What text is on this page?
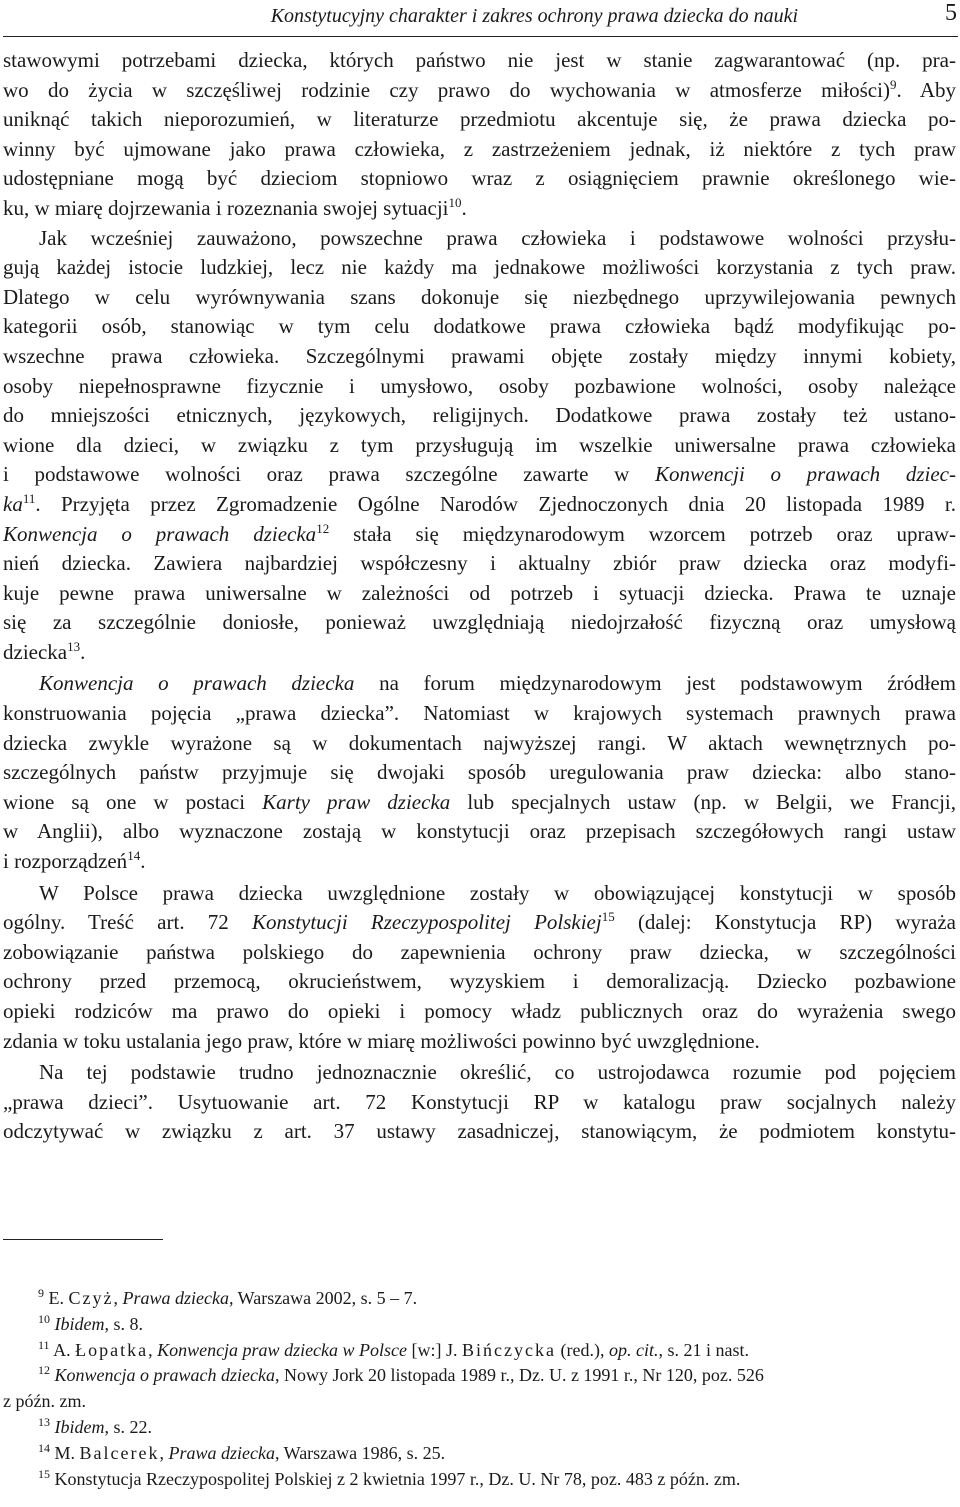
Konstytucyjny charakter i zakres ochrony prawa dziecka do nauki	5
stawowymi potrzebami dziecka, których państwo nie jest w stanie zagwarantować (np. pra-
wo do życia w szczęśliwej rodzinie czy prawo do wychowania w atmosferze miłości)$^9$. Aby
uniknąć takich nieporozumień, w literaturze przedmiotu akcentuje się, że prawa dziecka po-
winny być ujmowane jako prawa człowieka, z zastrzeżeniem jednak, iż niektóre z tych praw
udostępniane mogą być dzieciom stopniowo wraz z osiągnięciem prawnie określonego wie-
ku, w miarę dojrzewania i rozeznania swojej sytuacji$^{10}$.
Jak wcześniej zauważono, powszechne prawa człowieka i podstawowe wolności przysłu-
gują każdej istocie ludzkiej, lecz nie każdy ma jednakowe możliwości korzystania z tych praw.
Dlatego w celu wyrównywania szans dokonuje się niezbędnego uprzywilejowania pewnych
kategorii osób, stanowiąc w tym celu dodatkowe prawa człowieka bądź modyfikując po-
wszechne prawa człowieka. Szczególnymi prawami objęte zostały między innymi kobiety,
osoby niepełnosprawne fizycznie i umysłowo, osoby pozbawione wolności, osoby należące
do mniejszości etnicznych, językowych, religijnych. Dodatkowe prawa zostały też ustano-
wione dla dzieci, w związku z tym przysługują im wszelkie uniwersalne prawa człowieka
i podstawowe wolności oraz prawa szczególne zawarte w Konwencji o prawach dziec-
$ka^{11}$. Przyjęta przez Zgromadzenie Ogólne Narodów Zjednoczonych dnia 20 listopada 1989 r.
Konwencja o prawach dziecka$^{12}$ stała się międzynarodowym wzorcem potrzeb oraz upraw-
nień dziecka. Zawiera najbardziej współczesny i aktualny zbiór praw dziecka oraz modyfi-
kuje pewne prawa uniwersalne w zależności od potrzeb i sytuacji dziecka. Prawa te uznaje
się za szczególnie doniosłe, ponieważ uwzględniają niedojrzałość fizyczną oraz umysłową
dziecka$^{13}$.
Konwencja o prawach dziecka na forum międzynarodowym jest podstawowym źródłem
konstruowania pojęcia „prawa dziecka”. Natomiast w krajowych systemach prawnych prawa
dziecka zwykle wyrażone są w dokumentach najwyższej rangi. W aktach wewnętrznych po-
szczególnych państw przyjmuje się dwojaki sposób uregulowania praw dziecka: albo stano-
wione są one w postaci Karty praw dziecka lub specjalnych ustaw (np. w Belgii, we Francji,
w Anglii), albo wyznaczone zostają w konstytucji oraz przepisach szczegółowych rangi ustaw
i rozporządzeń$^{14}$.
W Polsce prawa dziecka uwzględnione zostały w obowiązującej konstytucji w sposób
ogólny. Treść art. 72 Konstytucji Rzeczypospolitej Polskiej$^{15}$ (dalej: Konstytucja RP) wyraża
zobowiązanie państwa polskiego do zapewnienia ochrony praw dziecka, w szczególności
ochrony przed przemocą, okrucieństwem, wyzyskiem i demoralizacją. Dziecko pozbawione
opieki rodziców ma prawo do opieki i pomocy władz publicznych oraz do wyrażenia swego
zdania w toku ustalania jego praw, które w miarę możliwości powinno być uwzględnione.
Na tej podstawie trudno jednoznacznie określić, co ustrojodawca rozumie pod pojęciem
„prawa dzieci”. Usytuowanie art. 72 Konstytucji RP w katalogu praw socjalnych należy
odczytywać w związku z art. 37 ustawy zasadniczej, stanowiącym, że podmiotem konstytu-
$^9$ E. Czyż, Prawa dziecka, Warszawa 2002, s. 5 – 7.
$^{10}$ Ibidem, s. 8.
$^{11}$ A. Łopatka, Konwencja praw dziecka w Polsce [w:] J. Bińczycka (red.), op. cit., s. 21 i nast.
$^{12}$ Konwencja o prawach dziecka, Nowy Jork 20 listopada 1989 r., Dz. U. z 1991 r., Nr 120, poz. 526
z późn. zm.
$^{13}$ Ibidem, s. 22.
$^{14}$ M. Balcerek, Prawa dziecka, Warszawa 1986, s. 25.
$^{15}$ Konstytucja Rzeczypospolitej Polskiej z 2 kwietnia 1997 r., Dz. U. Nr 78, poz. 483 z późn. zm.
